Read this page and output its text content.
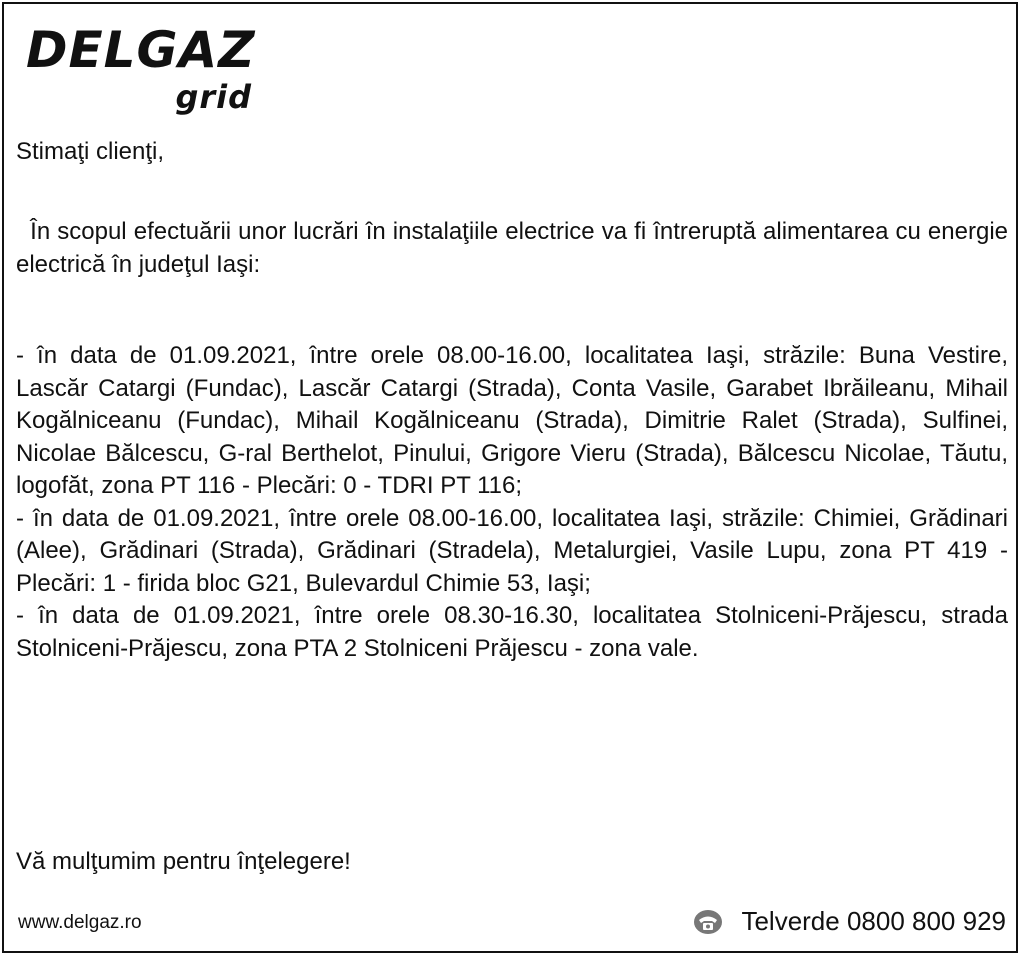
DELGAZ
grid
Stimaţi clienţi,
În scopul efectuării unor lucrări în instalaţiile electrice va fi întreruptă alimentarea cu energie electrică în judeţul Iaşi:

- în data de 01.09.2021, între orele 08.00-16.00, localitatea Iaşi, străzile: Buna Vestire, Lascăr Catargi (Fundac), Lascăr Catargi (Strada), Conta Vasile, Garabet Ibrăileanu, Mihail Kogălniceanu (Fundac), Mihail Kogălniceanu (Strada), Dimitrie Ralet (Strada), Sulfinei, Nicolae Bălcescu, G-ral Berthelot, Pinului, Grigore Vieru (Strada), Bălcescu Nicolae, Tăutu, logofăt, zona PT 116 - Plecări: 0 - TDRI PT 116;

- în data de 01.09.2021, între orele 08.00-16.00, localitatea Iaşi, străzile: Chimiei, Grădinari (Alee), Grădinari (Strada), Grădinari (Stradela), Metalurgiei, Vasile Lupu, zona PT 419 - Plecări: 1 - firida bloc G21, Bulevardul Chimie 53, Iaşi;

- în data de 01.09.2021, între orele 08.30-16.30, localitatea Stolniceni-Prăjescu, strada Stolniceni-Prăjescu, zona PTA 2 Stolniceni Prăjescu - zona vale.

Vă mulţumim pentru înţelegere!
www.delgaz.ro	Telverde 0800 800 929
